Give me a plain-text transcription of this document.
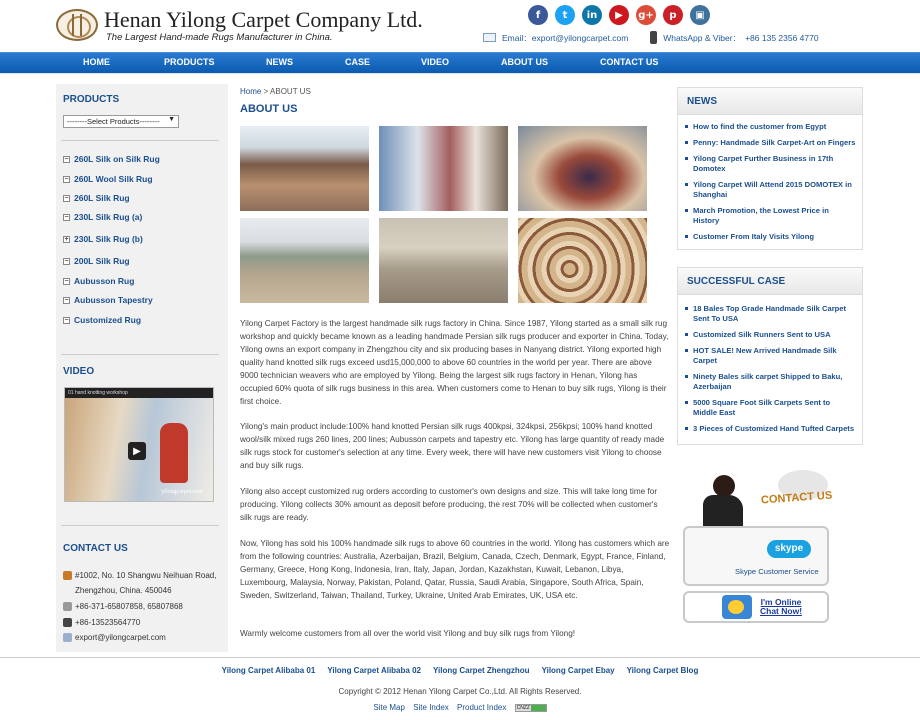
Henan Yilong Carpet Company Ltd.
The Largest Hand-made Rugs Manufacturer in China.
f	t	in	▶	g+	p	▣
Email： export@yilongcarpet.com	WhatsApp & Viber： +86 135 2356 4770
HOME	PRODUCTS	NEWS	CASE	VIDEO	ABOUT US	CONTACT US
PRODUCTS
--------Select Products-------- ▼
− 260L Silk on Silk Rug
− 260L Wool Silk Rug
− 260L Silk Rug
− 230L Silk Rug (a)
+ 230L Silk Rug (b)
− 200L Silk Rug
− Aubusson Rug
− Aubusson Tapestry
− Customized Rug
VIDEO
▶
yilongcarpet.com
01 hand knotting workshop
CONTACT US
#1002, No. 10 Shangwu Neihuan Road, Zhengzhou, China. 450046
+86-371-65807858, 65807868
+86-13523564770
export@yilongcarpet.com
Home > ABOUT US
ABOUT US
Yilong Carpet Factory is the largest handmade silk rugs factory in China. Since 1987, Yilong started as a small silk rug workshop and quickly became known as a leading handmade Persian silk rugs producer and exporter in China. Today, Yilong owns an export company in Zhengzhou city and six producing bases in Nanyang district. Yilong exported high quality hand knotted silk rugs exceed usd15,000,000 to above 60 countries in the world per year. There are above 9000 technician weavers who are employed by Yilong. Being the largest silk rugs factory in Henan, Yilong has occupied 60% quota of silk rugs business in this area. When customers come to Henan to buy silk rugs, Yilong is their first choice.
Yilong's main product include:100% hand knotted Persian silk rugs 400kpsi, 324kpsi, 256kpsi; 100% hand knotted wool/silk mixed rugs 260 lines, 200 lines; Aubusson carpets and tapestry etc. Yilong has large quantity of ready made silk rugs stock for customer's selection at any time. Every week, there will have new customers visit Yilong to choose and buy silk rugs.
Yilong also accept customized rug orders according to customer's own designs and size. This will take long time for producing. Yilong collects 30% amount as deposit before producing, the rest 70% will be collected when customer's silk rugs are ready.
Now, Yilong has sold his 100% handmade silk rugs to above 60 countries in the world. Yilong has customers which are from the following countries: Australia, Azerbaijan, Brazil, Belgium, Canada, Czech, Denmark, Egypt, France, Finland, Germany, Greece, Hong Kong, Indonesia, Iran, Italy, Japan, Jordan, Kazakhstan, Kuwait, Lebanon, Libya, Luxembourg, Malaysia, Norway, Pakistan, Poland, Qatar, Russia, Saudi Arabia, Singapore, South Africa, Spain, Sweden, Switzerland, Taiwan, Thailand, Turkey, Ukraine, United Arab Emirates, UK, USA etc.
Warmly welcome customers from all over the world visit Yilong and buy silk rugs from Yilong!
NEWS
How to find the customer from Egypt
Penny: Handmade Silk Carpet-Art on Fingers
Yilong Carpet Further Business in 17th Domotex
Yilong Carpet Will Attend 2015 DOMOTEX in Shanghai
March Promotion, the Lowest Price in History
Customer From Italy Visits Yilong
SUCCESSFUL CASE
18 Bales Top Grade Handmade Silk Carpet Sent To USA
Customized Silk Runners Sent to USA
HOT SALE! New Arrived Handmade Silk Carpet
Ninety Bales silk carpet Shipped to Baku, Azerbaijan
5000 Square Foot Silk Carpets Sent to Middle East
3 Pieces of Customized Hand Tufted Carpets
CONTACT US
skype
Skype Customer Service
I'm Online
Chat Now!
Yilong Carpet Alibaba 01 Yilong Carpet Alibaba 02 Yilong Carpet Zhengzhou Yilong Carpet Ebay Yilong Carpet Blog
Copyright © 2012 Henan Yilong Carpet Co.,Ltd. All Rights Reserved.
Site Map Site Index Product Index CNZZ
